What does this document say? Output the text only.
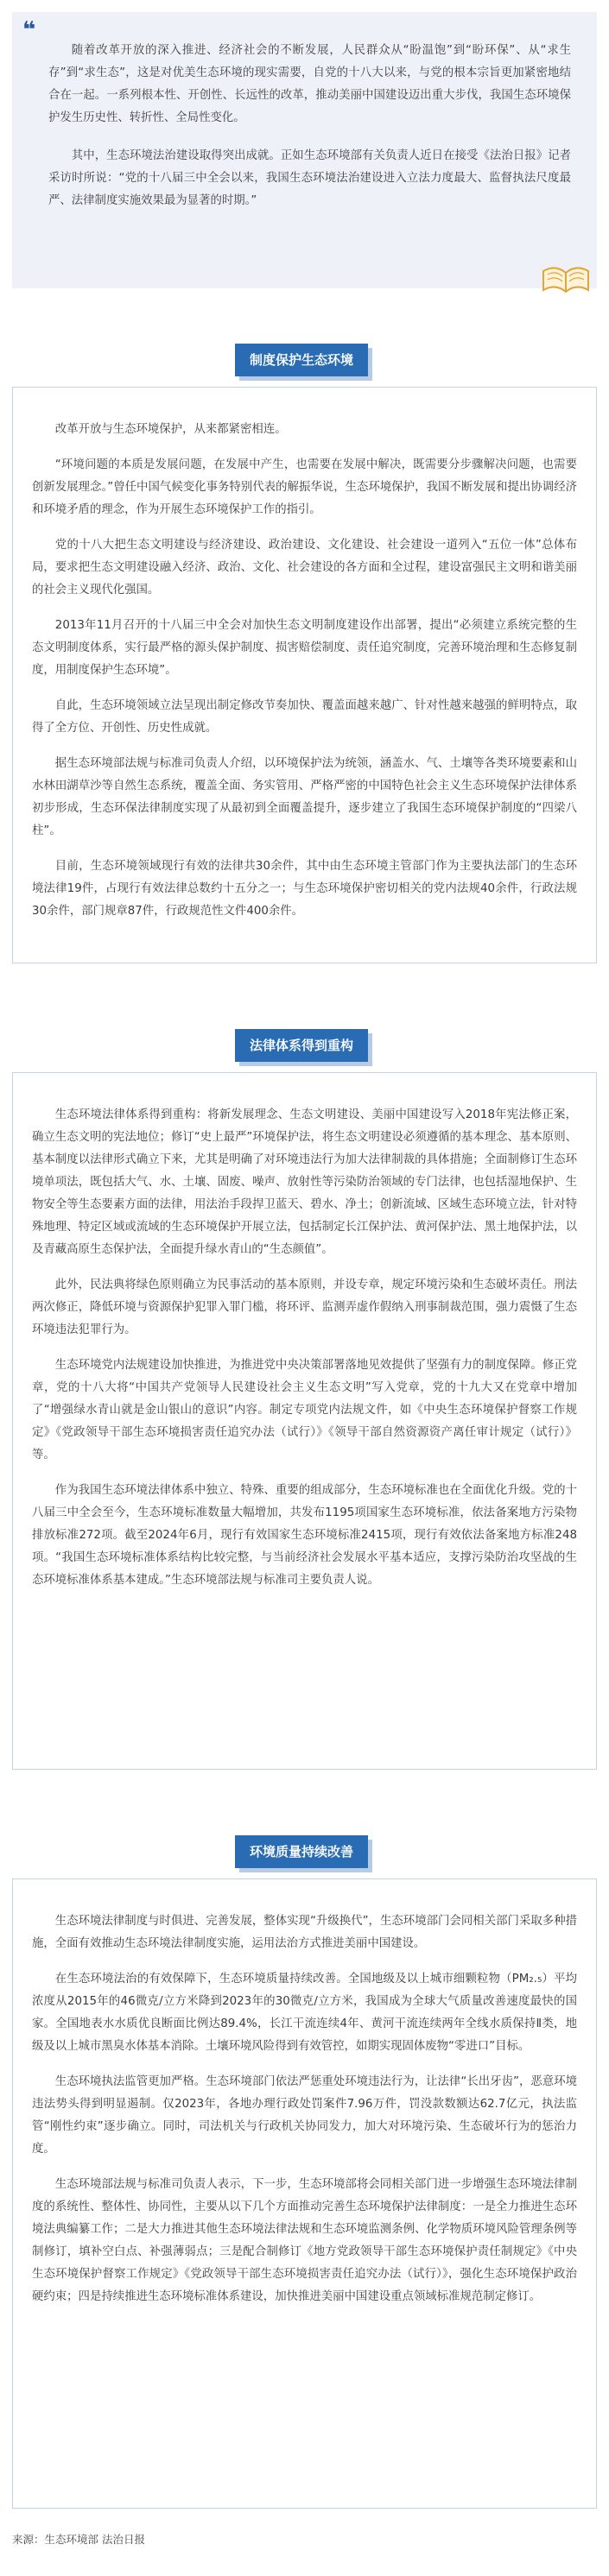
❝

随着改革开放的深入推进、经济社会的不断发展，人民群众从“盼温饱”到“盼环保”、从“求生存”到“求生态”，这是对优美生态环境的现实需要，自党的十八大以来，与党的根本宗旨更加紧密地结合在一起。一系列根本性、开创性、长远性的改革，推动美丽中国建设迈出重大步伐，我国生态环境保护发生历史性、转折性、全局性变化。

其中，生态环境法治建设取得突出成就。正如生态环境部有关负责人近日在接受《法治日报》记者采访时所说：“党的十八届三中全会以来，我国生态环境法治建设进入立法力度最大、监督执法尺度最严、法律制度实施效果最为显著的时期。”

制度保护生态环境

改革开放与生态环境保护，从来都紧密相连。

“环境问题的本质是发展问题，在发展中产生，也需要在发展中解决，既需要分步骤解决问题，也需要创新发展理念。”曾任中国气候变化事务特别代表的解振华说，生态环境保护，我国不断发展和提出协调经济和环境矛盾的理念，作为开展生态环境保护工作的指引。

党的十八大把生态文明建设与经济建设、政治建设、文化建设、社会建设一道列入“五位一体”总体布局，要求把生态文明建设融入经济、政治、文化、社会建设的各方面和全过程，建设富强民主文明和谐美丽的社会主义现代化强国。

2013年11月召开的十八届三中全会对加快生态文明制度建设作出部署，提出“必须建立系统完整的生态文明制度体系，实行最严格的源头保护制度、损害赔偿制度、责任追究制度，完善环境治理和生态修复制度，用制度保护生态环境”。

自此，生态环境领域立法呈现出制定修改节奏加快、覆盖面越来越广、针对性越来越强的鲜明特点，取得了全方位、开创性、历史性成就。

据生态环境部法规与标准司负责人介绍，以环境保护法为统领，涵盖水、气、土壤等各类环境要素和山水林田湖草沙等自然生态系统，覆盖全面、务实管用、严格严密的中国特色社会主义生态环境保护法律体系初步形成，生态环保法律制度实现了从最初到全面覆盖提升，逐步建立了我国生态环境保护制度的“四梁八柱”。

目前，生态环境领域现行有效的法律共30余件，其中由生态环境主管部门作为主要执法部门的生态环境法律19件，占现行有效法律总数约十五分之一；与生态环境保护密切相关的党内法规40余件，行政法规30余件，部门规章87件，行政规范性文件400余件。

法律体系得到重构

生态环境法律体系得到重构：将新发展理念、生态文明建设、美丽中国建设写入2018年宪法修正案，确立生态文明的宪法地位；修订“史上最严”环境保护法，将生态文明建设必须遵循的基本理念、基本原则、基本制度以法律形式确立下来，尤其是明确了对环境违法行为加大法律制裁的具体措施；全面制修订生态环境单项法，既包括大气、水、土壤、固废、噪声、放射性等污染防治领域的专门法律，也包括湿地保护、生物安全等生态要素方面的法律，用法治手段捍卫蓝天、碧水、净土；创新流域、区域生态环境立法，针对特殊地理、特定区域或流域的生态环境保护开展立法，包括制定长江保护法、黄河保护法、黑土地保护法，以及青藏高原生态保护法，全面提升绿水青山的“生态颜值”。

此外，民法典将绿色原则确立为民事活动的基本原则，并设专章，规定环境污染和生态破坏责任。刑法两次修正，降低环境与资源保护犯罪入罪门槛，将环评、监测弄虚作假纳入刑事制裁范围，强力震慑了生态环境违法犯罪行为。

生态环境党内法规建设加快推进，为推进党中央决策部署落地见效提供了坚强有力的制度保障。修正党章，党的十八大将“中国共产党领导人民建设社会主义生态文明”写入党章，党的十九大又在党章中增加了“增强绿水青山就是金山银山的意识”内容。制定专项党内法规文件，如《中央生态环境保护督察工作规定》《党政领导干部生态环境损害责任追究办法（试行）》《领导干部自然资源资产离任审计规定（试行）》等。

作为我国生态环境法律体系中独立、特殊、重要的组成部分，生态环境标准也在全面优化升级。党的十八届三中全会至今，生态环境标准数量大幅增加，共发布1195项国家生态环境标准，依法备案地方污染物排放标准272项。截至2024年6月，现行有效国家生态环境标准2415项，现行有效依法备案地方标准248项。“我国生态环境标准体系结构比较完整，与当前经济社会发展水平基本适应，支撑污染防治攻坚战的生态环境标准体系基本建成。”生态环境部法规与标准司主要负责人说。

环境质量持续改善

生态环境法律制度与时俱进、完善发展，整体实现“升级换代”，生态环境部门会同相关部门采取多种措施，全面有效推动生态环境法律制度实施，运用法治方式推进美丽中国建设。

在生态环境法治的有效保障下，生态环境质量持续改善。全国地级及以上城市细颗粒物（PM₂.₅）平均浓度从2015年的46微克/立方米降到2023年的30微克/立方米，我国成为全球大气质量改善速度最快的国家。全国地表水水质优良断面比例达89.4%，长江干流连续4年、黄河干流连续两年全线水质保持Ⅱ类，地级及以上城市黑臭水体基本消除。土壤环境风险得到有效管控，如期实现固体废物“零进口”目标。

生态环境执法监管更加严格。生态环境部门依法严惩重处环境违法行为，让法律“长出牙齿”，恶意环境违法势头得到明显遏制。仅2023年，各地办理行政处罚案件7.96万件，罚没款数额达62.7亿元，执法监管“刚性约束”逐步确立。同时，司法机关与行政机关协同发力，加大对环境污染、生态破坏行为的惩治力度。

生态环境部法规与标准司负责人表示，下一步，生态环境部将会同相关部门进一步增强生态环境法律制度的系统性、整体性、协同性，主要从以下几个方面推动完善生态环境保护法律制度：一是全力推进生态环境法典编纂工作；二是大力推进其他生态环境法律法规和生态环境监测条例、化学物质环境风险管理条例等制修订，填补空白点、补强薄弱点；三是配合制修订《地方党政领导干部生态环境保护责任制规定》《中央生态环境保护督察工作规定》《党政领导干部生态环境损害责任追究办法（试行）》，强化生态环境保护政治硬约束；四是持续推进生态环境标准体系建设，加快推进美丽中国建设重点领域标准规范制定修订。

来源：生态环境部 法治日报
